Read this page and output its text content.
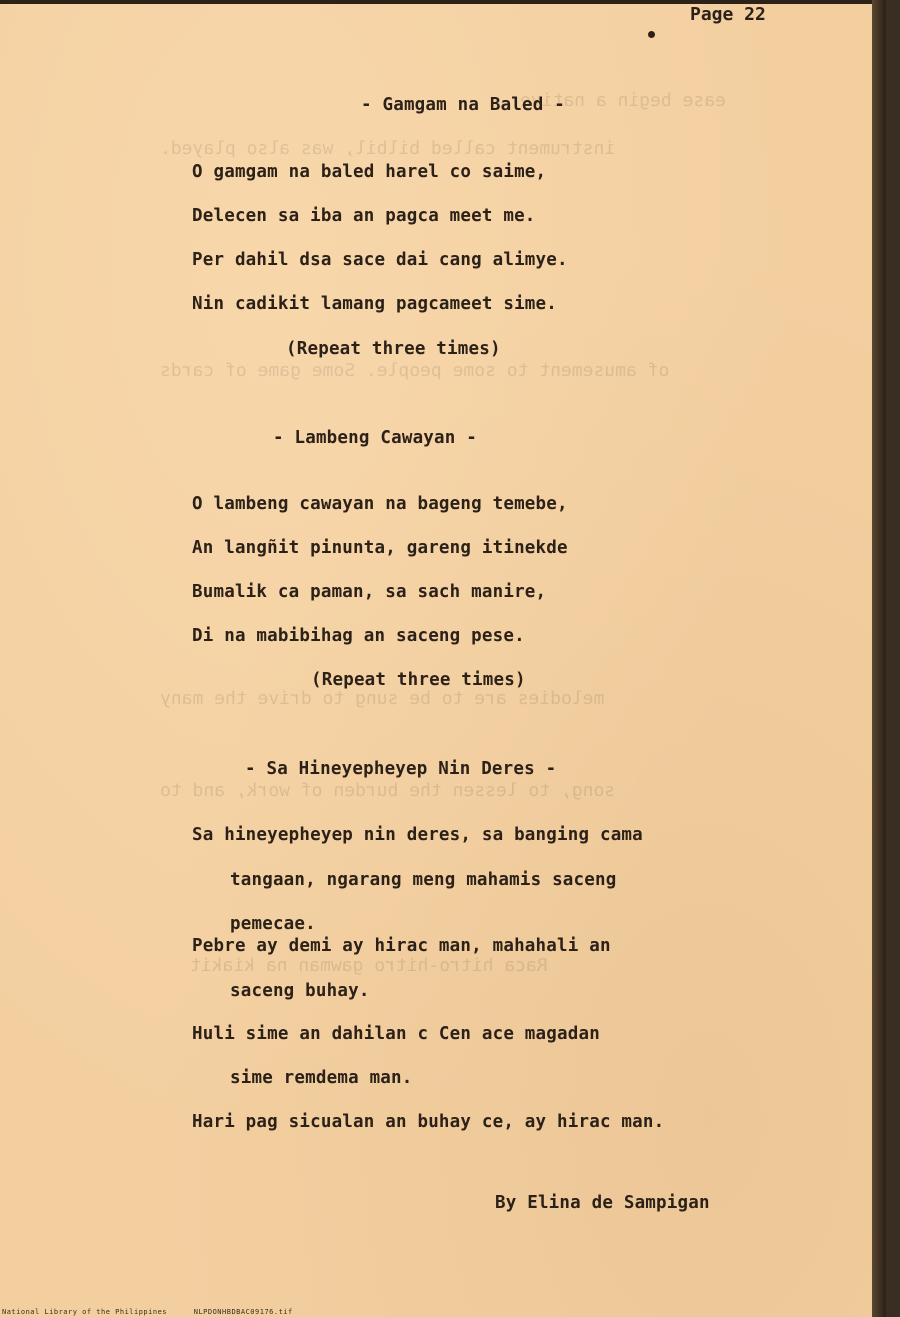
ease begin a native
instrument called bilbil, was also played.
of amusement to some people. Some game of cards
melodies are to be sung to drive the many
song, to lessen the burden of work, and to
Raca hitro-hitro gawman na kiakit
Page 22
- Gamgam na Baled -
O gamgam na baled harel co saime,
Delecen sa iba an pagca meet me.
Per dahil dsa sace dai cang alimye.
Nin cadikit lamang pagcameet sime.
(Repeat three times)
- Lambeng Cawayan -
O lambeng cawayan na bageng temebe,
An langñit pinunta, gareng itinekde
Bumalik ca paman, sa sach manire,
Di na mabibihag an saceng pese.
(Repeat three times)
- Sa Hineyepheyep Nin Deres -
Sa hineyepheyep nin deres, sa banging cama
tangaan, ngarang meng mahamis saceng
pemecae.
Pebre ay demi ay hirac man, mahahali an
saceng buhay.
Huli sime an dahilan c Cen ace magadan
sime remdema man.
Hari pag sicualan an buhay ce, ay hirac man.
By Elina de Sampigan
National Library of the Philippines	NLPDONHBDBAC09176.tif
